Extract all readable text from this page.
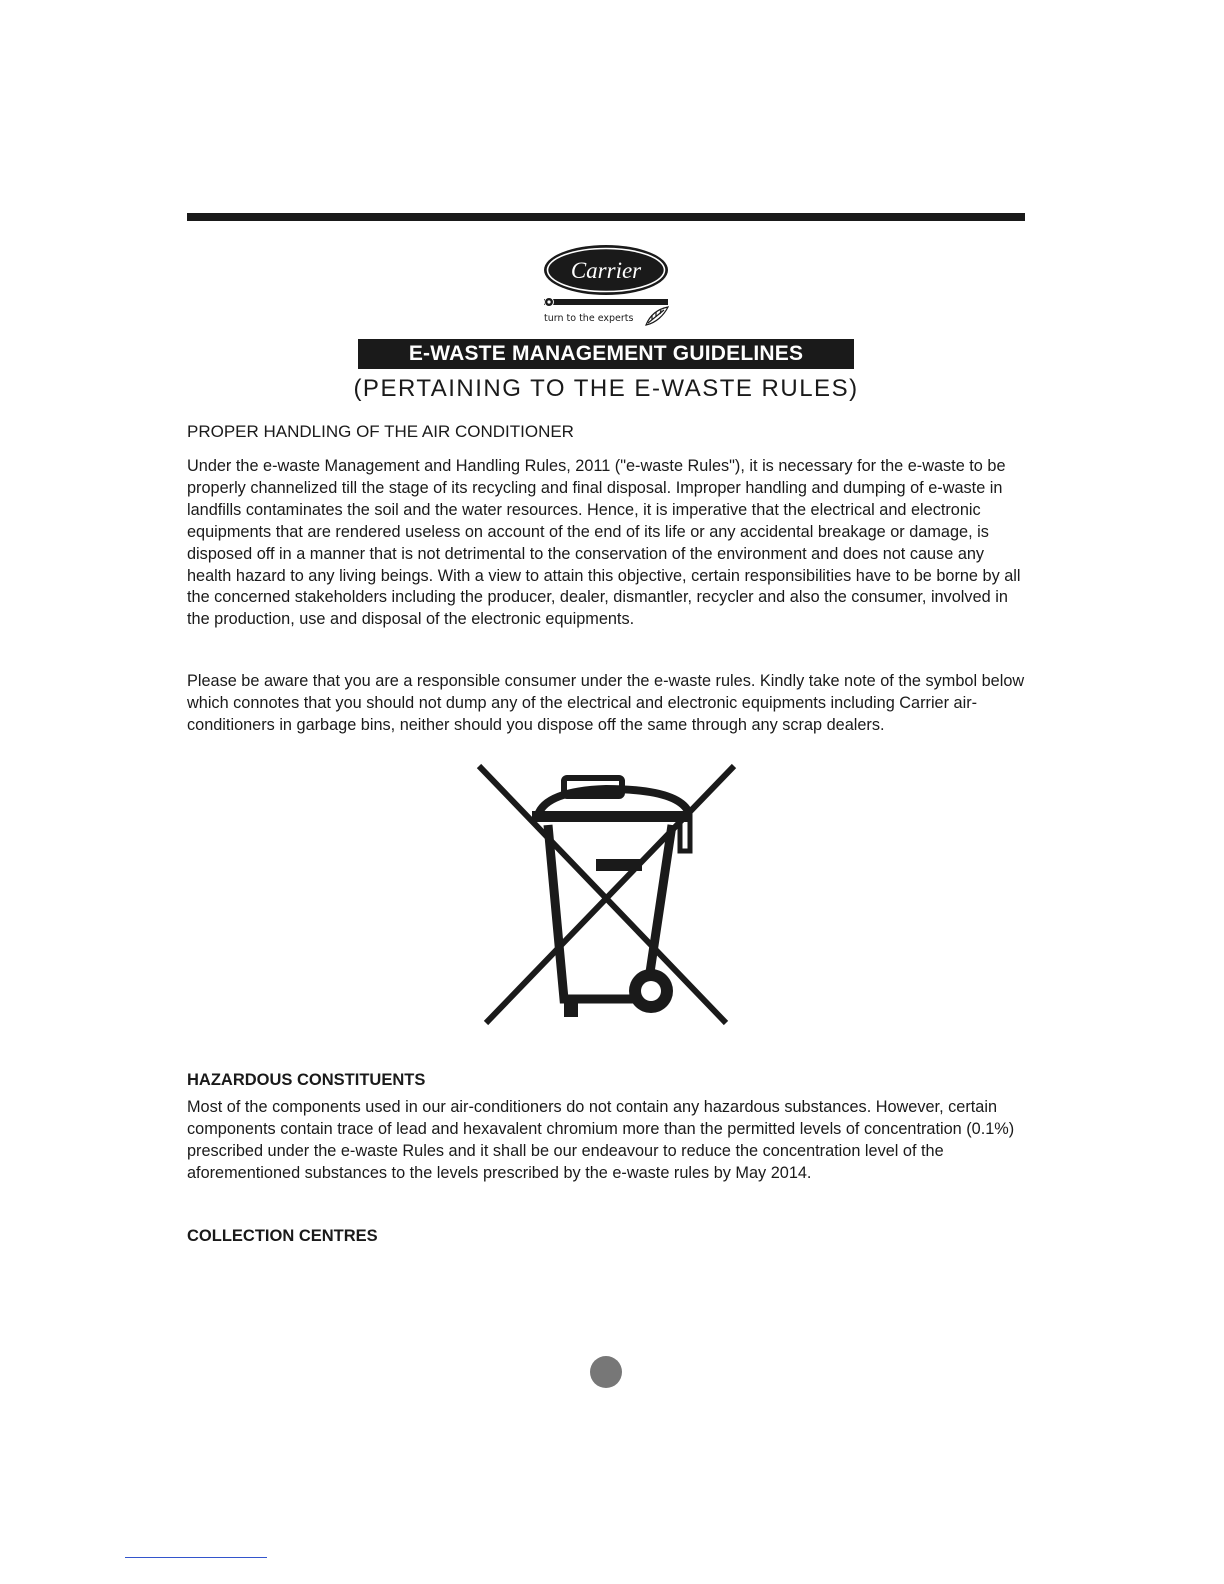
Carrier
turn to the experts
E-WASTE MANAGEMENT GUIDELINES
(PERTAINING TO THE E-WASTE RULES)
PROPER HANDLING OF THE AIR CONDITIONER
Under the e-waste Management and Handling Rules, 2011 ("e-waste Rules"), it is necessary for the e-waste to be properly channelized till the stage of its recycling and final disposal. Improper handling and dumping of e-waste in landfills contaminates the soil and the water resources. Hence, it is imperative that the electrical and electronic equipments that are rendered useless on account of the end of its life or any accidental breakage or damage, is disposed off in a manner that is not detrimental to the conservation of the environment and does not cause any health hazard to any living beings. With a view to attain this objective, certain responsibilities have to be borne by all the concerned stakeholders including the producer, dealer, dismantler, recycler and also the consumer, involved in the production, use and disposal of the electronic equipments.
Please be aware that you are a responsible consumer under the e-waste rules. Kindly take note of the symbol below which connotes that you should not dump any of the electrical and electronic equipments including Carrier air-conditioners in garbage bins, neither should you dispose off the same through any scrap dealers.
HAZARDOUS CONSTITUENTS
Most of the components used in our air-conditioners do not contain any hazardous substances. However, certain components contain trace of lead and hexavalent chromium more than the permitted levels of concentration (0.1%) prescribed under the e-waste Rules and it shall be our endeavour to reduce the concentration level of the aforementioned substances to the levels prescribed by the e-waste rules by May 2014.
COLLECTION CENTRES
